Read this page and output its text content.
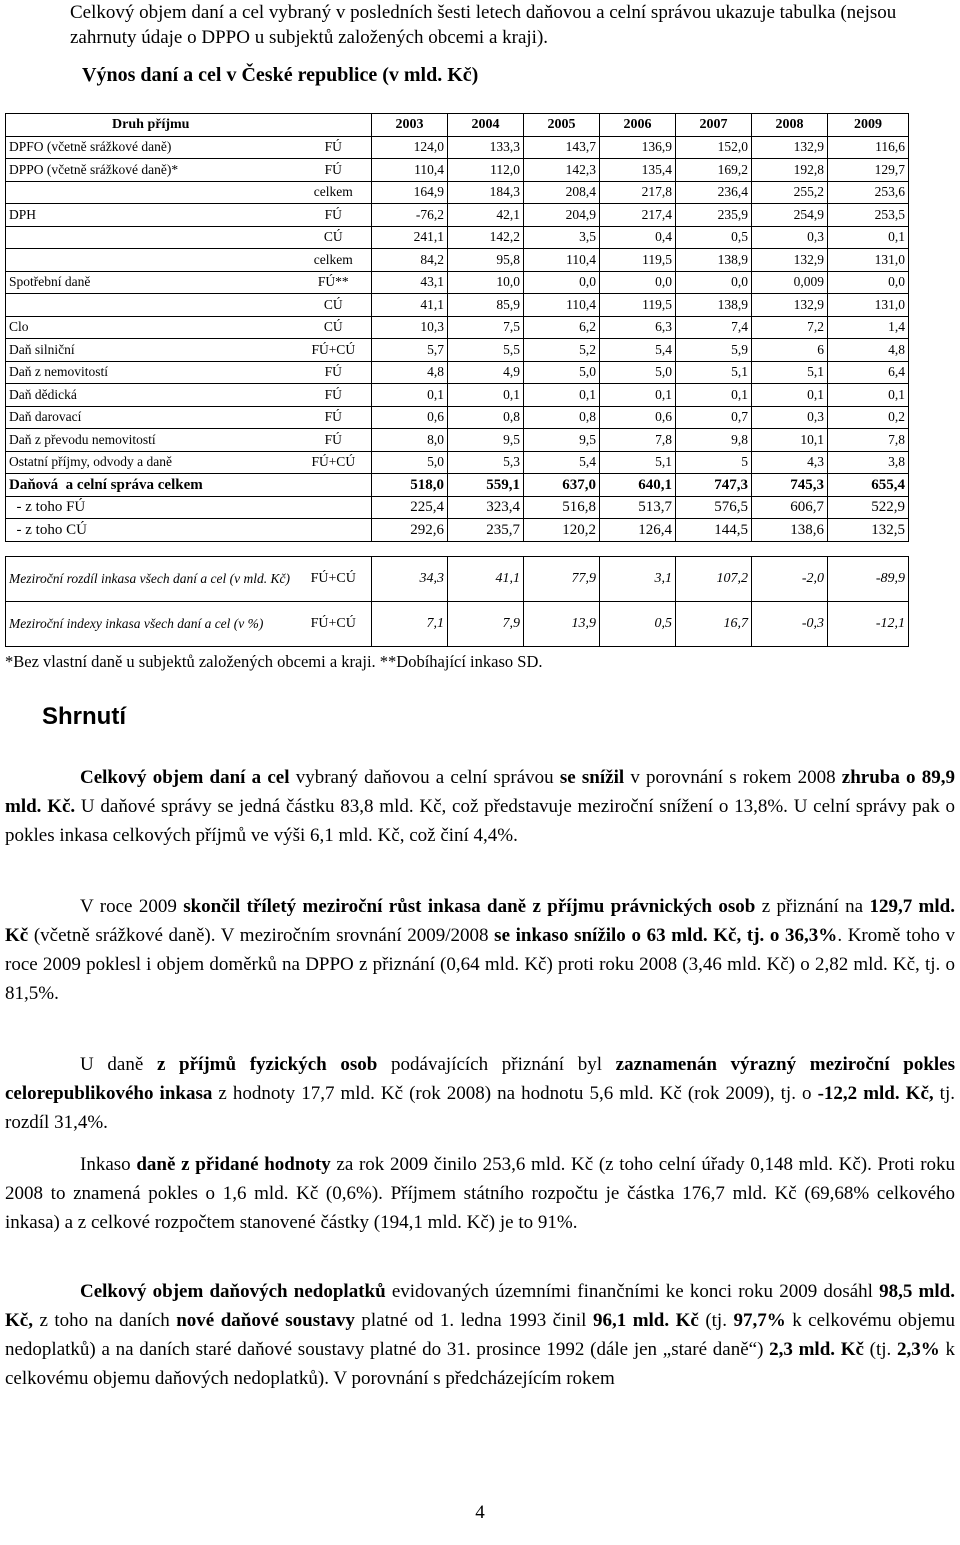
Celkový objem daní a cel vybraný v posledních šesti letech daňovou a celní správou ukazuje tabulka (nejsou zahrnuty údaje o DPPO u subjektů založených obcemi a kraji).
Výnos daní a cel v České republice (v mld. Kč)
Druh příjmu		2003	2004	2005	2006	2007	2008	2009
DPFO (včetně srážkové daně)	FÚ	124,0	133,3	143,7	136,9	152,0	132,9	116,6
DPPO (včetně srážkové daně)*	FÚ	110,4	112,0	142,3	135,4	169,2	192,8	129,7
	celkem	164,9	184,3	208,4	217,8	236,4	255,2	253,6
DPH	FÚ	-76,2	42,1	204,9	217,4	235,9	254,9	253,5
	CÚ	241,1	142,2	3,5	0,4	0,5	0,3	0,1
	celkem	84,2	95,8	110,4	119,5	138,9	132,9	131,0
Spotřební daně	FÚ**	43,1	10,0	0,0	0,0	0,0	0,009	0,0
	CÚ	41,1	85,9	110,4	119,5	138,9	132,9	131,0
Clo	CÚ	10,3	7,5	6,2	6,3	7,4	7,2	1,4
Daň silniční	FÚ+CÚ	5,7	5,5	5,2	5,4	5,9	6	4,8
Daň z nemovitostí	FÚ	4,8	4,9	5,0	5,0	5,1	5,1	6,4
Daň dědická	FÚ	0,1	0,1	0,1	0,1	0,1	0,1	0,1
Daň darovací	FÚ	0,6	0,8	0,8	0,6	0,7	0,3	0,2
Daň z převodu nemovitostí	FÚ	8,0	9,5	9,5	7,8	9,8	10,1	7,8
Ostatní příjmy, odvody a daně	FÚ+CÚ	5,0	5,3	5,4	5,1	5	4,3	3,8
Daňová  a celní správa celkem		518,0	559,1	637,0	640,1	747,3	745,3	655,4
- z toho FÚ		225,4	323,4	516,8	513,7	576,5	606,7	522,9
- z toho CÚ		292,6	235,7	120,2	126,4	144,5	138,6	132,5

Meziroční rozdíl inkasa všech daní a cel (v mld. Kč)	FÚ+CÚ	34,3	41,1	77,9	3,1	107,2	-2,0	-89,9
Meziroční indexy inkasa všech daní a cel (v %)	FÚ+CÚ	7,1	7,9	13,9	0,5	16,7	-0,3	-12,1
*Bez vlastní daně u subjektů založených obcemi a kraji. **Dobíhající inkaso SD.
Shrnutí
Celkový objem daní a cel vybraný daňovou a celní správou se snížil v porovnání s rokem 2008 zhruba o 89,9 mld. Kč. U daňové správy se jedná částku 83,8 mld. Kč, což představuje meziroční snížení o 13,8%. U celní správy pak o pokles inkasa celkových příjmů ve výši 6,1 mld. Kč, což činí 4,4%.
V roce 2009 skončil tříletý meziroční růst inkasa daně z příjmu právnických osob z přiznání na 129,7 mld. Kč (včetně srážkové daně). V meziročním srovnání 2009/2008 se inkaso snížilo o 63 mld. Kč, tj. o 36,3%. Kromě toho v roce 2009 poklesl i objem doměrků na DPPO z přiznání (0,64 mld. Kč) proti roku 2008 (3,46 mld. Kč) o 2,82 mld. Kč, tj. o 81,5%.
U daně z příjmů fyzických osob podávajících přiznání byl zaznamenán výrazný meziroční pokles celorepublikového inkasa z hodnoty 17,7 mld. Kč (rok 2008) na hodnotu 5,6 mld. Kč (rok 2009), tj. o -12,2 mld. Kč, tj. rozdíl 31,4%.
Inkaso daně z přidané hodnoty za rok 2009 činilo 253,6 mld. Kč (z toho celní úřady 0,148 mld. Kč). Proti roku 2008 to znamená pokles o 1,6 mld. Kč (0,6%). Příjmem státního rozpočtu je částka 176,7 mld. Kč (69,68% celkového inkasa) a z celkové rozpočtem stanovené částky (194,1 mld. Kč) je to 91%.
Celkový objem daňových nedoplatků evidovaných územními finančními ke konci roku 2009 dosáhl 98,5 mld. Kč, z toho na daních nové daňové soustavy platné od 1. ledna 1993 činil 96,1 mld. Kč (tj. 97,7% k celkovému objemu nedoplatků) a na daních staré daňové soustavy platné do 31. prosince 1992 (dále jen „staré daně“) 2,3 mld. Kč (tj. 2,3% k celkovému objemu daňových nedoplatků). V porovnání s předcházejícím rokem
4
